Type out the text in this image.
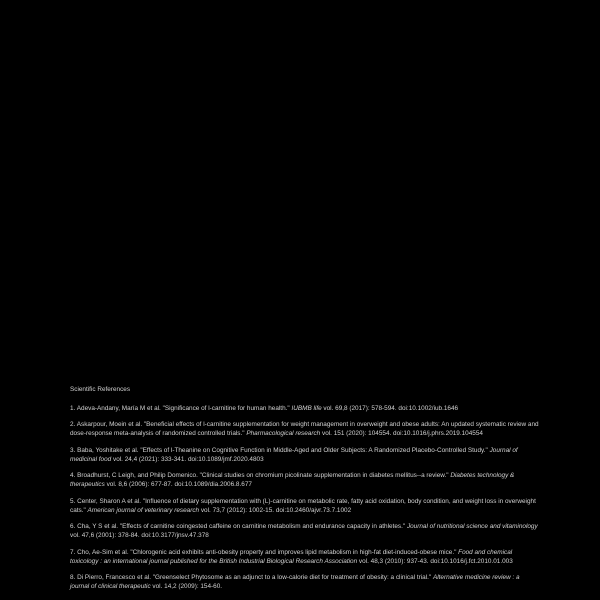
Scientific References
1. Adeva-Andany, María M et al. "Significance of l-carnitine for human health." IUBMB life vol. 69,8 (2017): 578-594. doi:10.1002/iub.1646
2. Askarpour, Moein et al. "Beneficial effects of l-carnitine supplementation for weight management in overweight and obese adults: An updated systematic review and dose-response meta-analysis of randomized controlled trials." Pharmacological research vol. 151 (2020): 104554. doi:10.1016/j.phrs.2019.104554
3. Baba, Yoshitake et al. "Effects of l-Theanine on Cognitive Function in Middle-Aged and Older Subjects: A Randomized Placebo-Controlled Study." Journal of medicinal food vol. 24,4 (2021): 333-341. doi:10.1089/jmf.2020.4803
4. Broadhurst, C Leigh, and Philip Domenico. "Clinical studies on chromium picolinate supplementation in diabetes mellitus--a review." Diabetes technology & therapeutics vol. 8,6 (2006): 677-87. doi:10.1089/dia.2006.8.677
5. Center, Sharon A et al. "Influence of dietary supplementation with (L)-carnitine on metabolic rate, fatty acid oxidation, body condition, and weight loss in overweight cats." American journal of veterinary research vol. 73,7 (2012): 1002-15. doi:10.2460/ajvr.73.7.1002
6. Cha, Y S et al. "Effects of carnitine coingested caffeine on carnitine metabolism and endurance capacity in athletes." Journal of nutritional science and vitaminology vol. 47,6 (2001): 378-84. doi:10.3177/jnsv.47.378
7. Cho, Ae-Sim et al. "Chlorogenic acid exhibits anti-obesity property and improves lipid metabolism in high-fat diet-induced-obese mice." Food and chemical toxicology : an international journal published for the British Industrial Biological Research Association vol. 48,3 (2010): 937-43. doi:10.1016/j.fct.2010.01.003
8. Di Pierro, Francesco et al. "Greenselect Phytosome as an adjunct to a low-calorie diet for treatment of obesity: a clinical trial." Alternative medicine review : a journal of clinical therapeutic vol. 14,2 (2009): 154-60.
